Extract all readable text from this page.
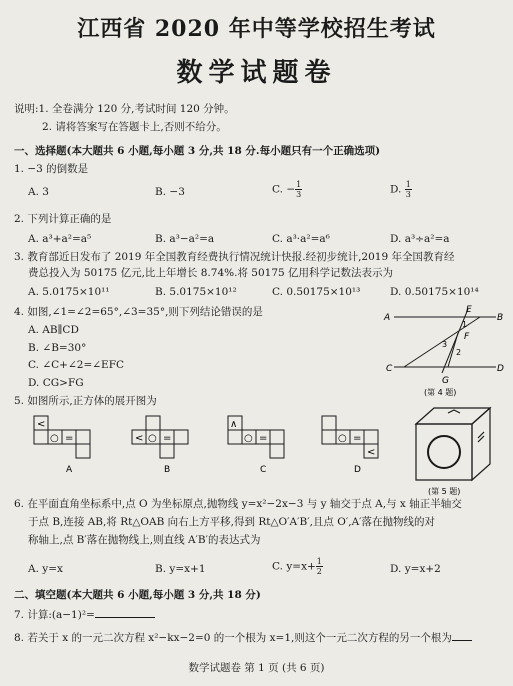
江西省 2020 年中等学校招生考试
数学试题卷
说明:1. 全卷满分 120 分,考试时间 120 分钟。
2. 请将答案写在答题卡上,否则不给分。
一、选择题(本大题共 6 小题,每小题 3 分,共 18 分.每小题只有一个正确选项)
1. −3 的倒数是
A. 3	B. −3	C. − $\frac{1}{3}$	D. $\frac{1}{3}$
2. 下列计算正确的是
A. a³+a²=a⁵	B. a³−a²=a	C. a³·a²=a⁶	D. a³÷a²=a
3. 教育部近日发布了 2019 年全国教育经费执行情况统计快报.经初步统计,2019 年全国教育经
费总投入为 50175 亿元,比上年增长 8.74%.将 50175 亿用科学记数法表示为
A. 5.0175×10¹¹	B. 5.0175×10¹²	C. 0.50175×10¹³	D. 0.50175×10¹⁴
4. 如图,∠1=∠2=65°,∠3=35°,则下列结论错误的是
A. AB∥CD
B. ∠B=30°
C. ∠C+∠2=∠EFC
D. CG>FG
A	B
E
1
F
3
2
C
G
D
(第 4 题)
5. 如图所示,正方体的展开图为
<
○ =
A
< ○ =
B
∧
○ =
C
○ =
<
D
(第 5 题)
6. 在平面直角坐标系中,点 O 为坐标原点,抛物线 y=x²−2x−3 与 y 轴交于点 A,与 x 轴正半轴交
于点 B,连接 AB,将 Rt△OAB 向右上方平移,得到 Rt△O′A′B′,且点 O′,A′落在抛物线的对
称轴上,点 B′落在抛物线上,则直线 A′B′的表达式为
A. y=x	B. y=x+1	C. $y=x+ \frac{1}{2}$	D. y=x+2
二、填空题(本大题共 6 小题,每小题 3 分,共 18 分)
7. 计算:(a−1)²=
8. 若关于 x 的一元二次方程 x²−kx−2=0 的一个根为 x=1,则这个一元二次方程的另一个根为
数学试题卷 第 1 页 (共 6 页)
